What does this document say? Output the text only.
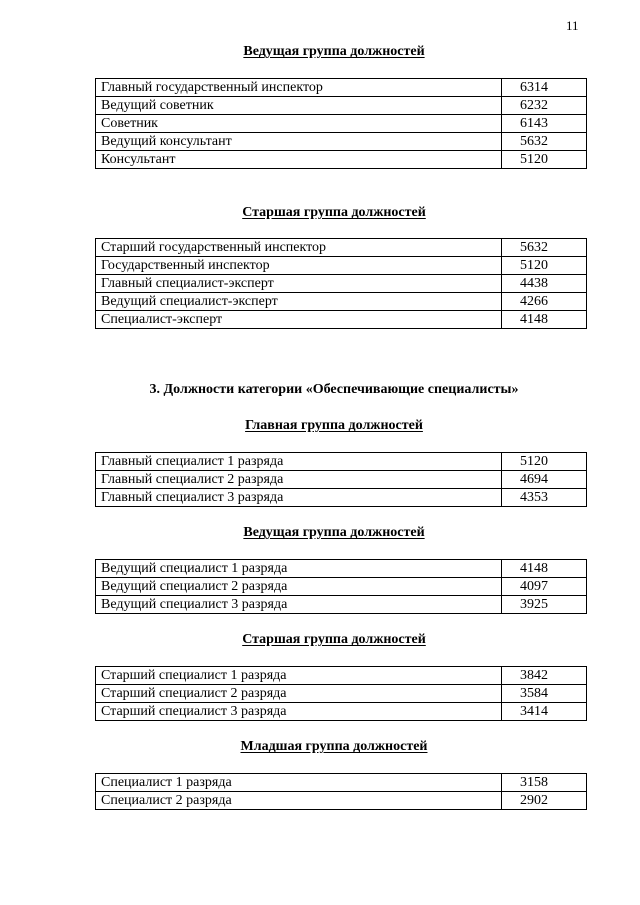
11
Ведущая группа должностей
Главный государственный инспектор	6314
Ведущий советник	6232
Советник	6143
Ведущий консультант	5632
Консультант	5120
Старшая группа должностей
Старший государственный инспектор	5632
Государственный инспектор	5120
Главный специалист-эксперт	4438
Ведущий специалист-эксперт	4266
Специалист-эксперт	4148
3. Должности категории «Обеспечивающие специалисты»
Главная группа должностей
Главный специалист 1 разряда	5120
Главный специалист 2 разряда	4694
Главный специалист 3 разряда	4353
Ведущая группа должностей
Ведущий специалист 1 разряда	4148
Ведущий специалист 2 разряда	4097
Ведущий специалист 3 разряда	3925
Старшая группа должностей
Старший специалист 1 разряда	3842
Старший специалист 2 разряда	3584
Старший специалист 3 разряда	3414
Младшая группа должностей
Специалист 1 разряда	3158
Специалист 2 разряда	2902
